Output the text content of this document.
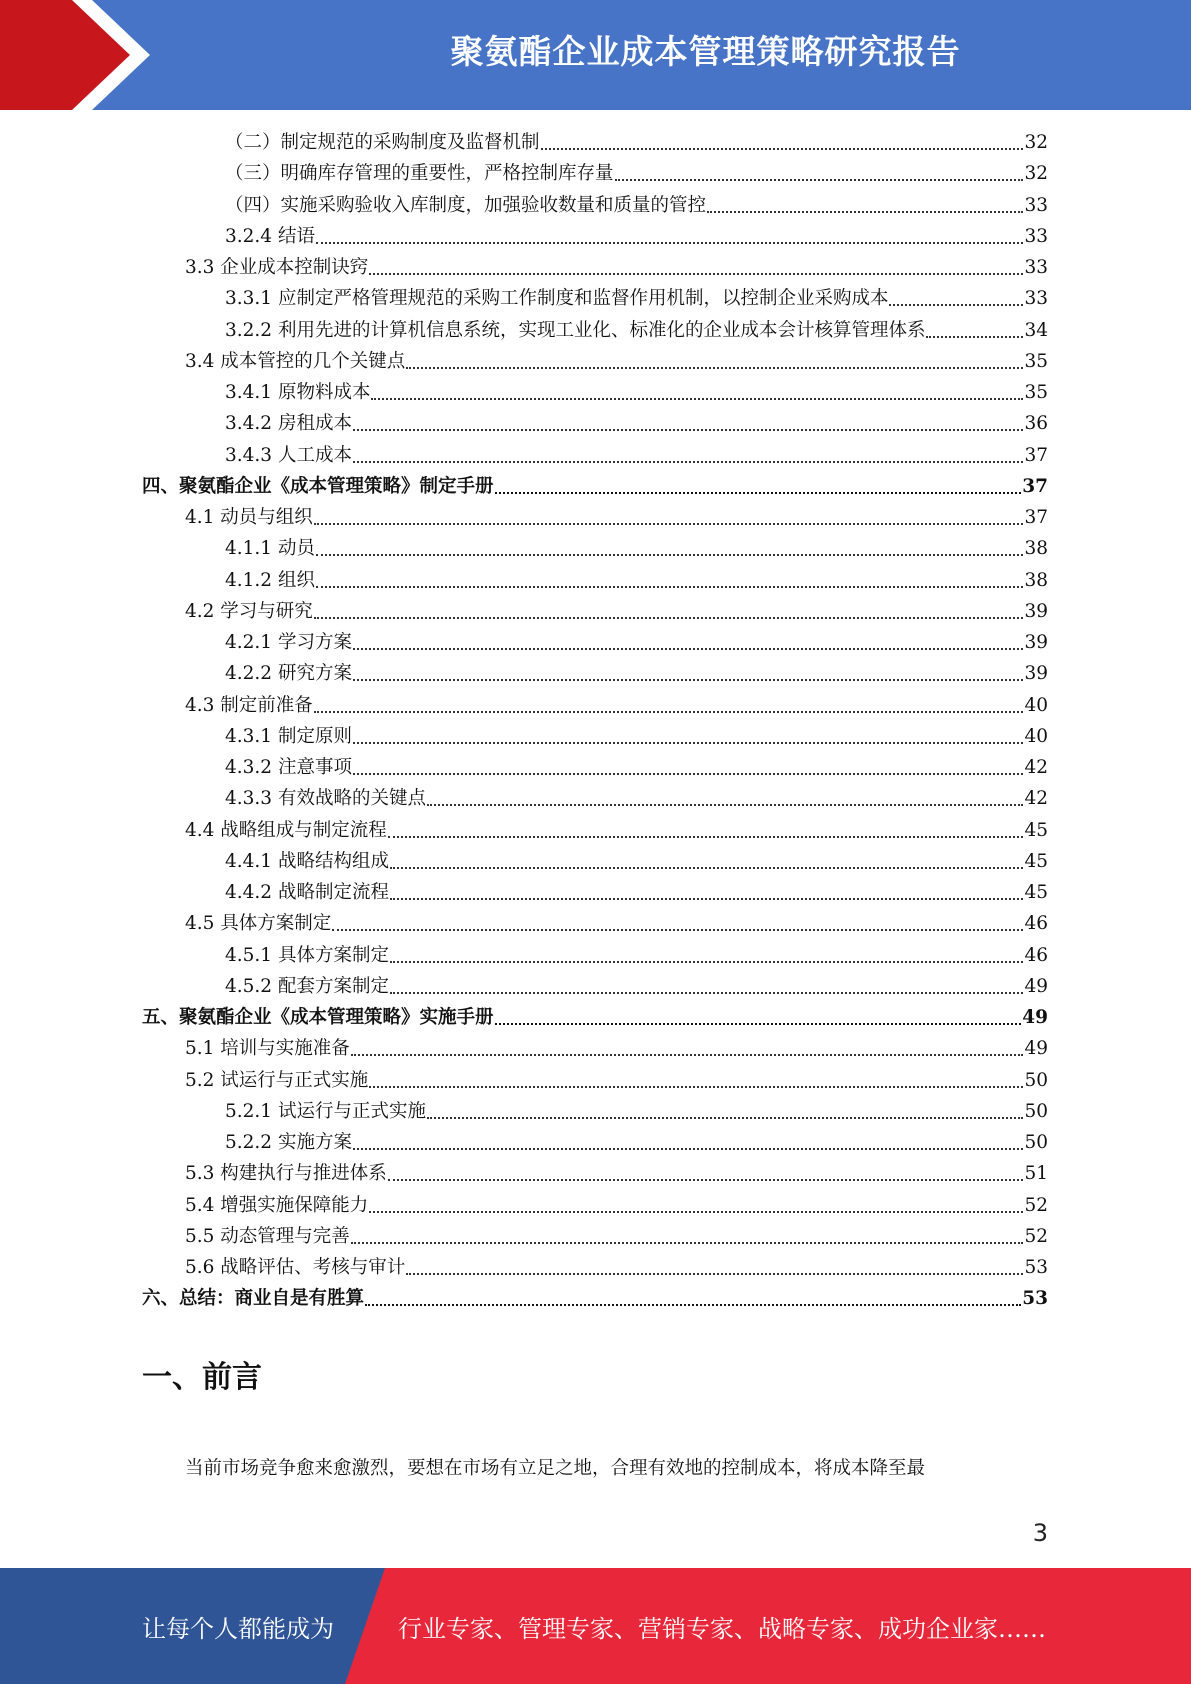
聚氨酯企业成本管理策略研究报告
（二）制定规范的采购制度及监督机制	32
（三）明确库存管理的重要性，严格控制库存量	32
（四）实施采购验收入库制度，加强验收数量和质量的管控	33
3.2.4 结语	33
3.3 企业成本控制诀窍	33
3.3.1 应制定严格管理规范的采购工作制度和监督作用机制，以控制企业采购成本	33
3.2.2 利用先进的计算机信息系统，实现工业化、标准化的企业成本会计核算管理体系	34
3.4 成本管控的几个关键点	35
3.4.1 原物料成本	35
3.4.2 房租成本	36
3.4.3 人工成本	37
四、聚氨酯企业《成本管理策略》制定手册	37
4.1 动员与组织	37
4.1.1 动员	38
4.1.2 组织	38
4.2 学习与研究	39
4.2.1 学习方案	39
4.2.2 研究方案	39
4.3 制定前准备	40
4.3.1 制定原则	40
4.3.2 注意事项	42
4.3.3 有效战略的关键点	42
4.4 战略组成与制定流程	45
4.4.1 战略结构组成	45
4.4.2 战略制定流程	45
4.5 具体方案制定	46
4.5.1 具体方案制定	46
4.5.2 配套方案制定	49
五、聚氨酯企业《成本管理策略》实施手册	49
5.1 培训与实施准备	49
5.2 试运行与正式实施	50
5.2.1 试运行与正式实施	50
5.2.2 实施方案	50
5.3 构建执行与推进体系	51
5.4 增强实施保障能力	52
5.5 动态管理与完善	52
5.6 战略评估、考核与审计	53
六、总结：商业自是有胜算	53
一、前言
当前市场竞争愈来愈激烈，要想在市场有立足之地，合理有效地的控制成本，将成本降至最
3
让每个人都能成为	行业专家、管理专家、营销专家、战略专家、成功企业家……
